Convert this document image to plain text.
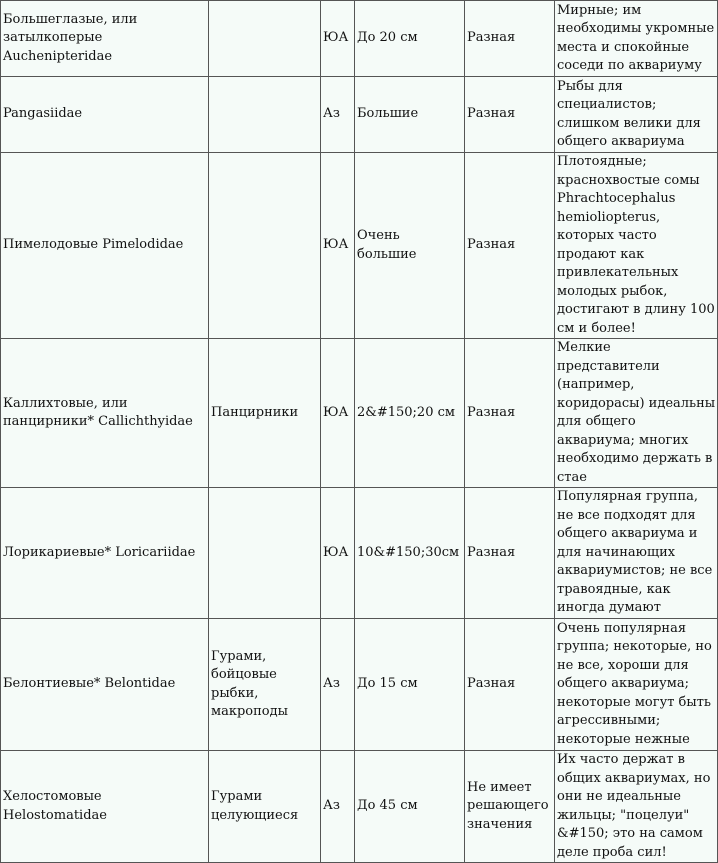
Большеглазые, или затылкоперые Auchenipteridae		ЮА	До 20 см	Разная	Мирные; им необходимы укромные места и спокойные соседи по аквариуму
Pangasiidae		Аз	Большие	Разная	Рыбы для специалистов; слишком велики для общего аквариума
Пимелодовые Pimelodidae		ЮА	Очень большие	Разная	Плотоядные; краснохвостые сомы Phrachtocephalus hemioliopterus, которых часто продают как привлекательных молодых рыбок, достигают в длину 100 см и более!
Каллихтовые, или панцирники* Callichthyidae	Панцирники	ЮА	2&#150;20 см	Разная	Мелкие представители (например, коридорасы) идеальны для общего аквариума; многих необходимо держать в стае
Лорикариевые* Loricariidae		ЮА	10&#150;30см	Разная	Популярная группа, не все подходят для общего аквариума и для начинающих аквариумистов; не все травоядные, как иногда думают
Белонтиевые* Belontidae	Гурами, бойцовые рыбки, макроподы	Аз	До 15 см	Разная	Очень популярная группа; некоторые, но не все, хороши для общего аквариума; некоторые могут быть агрессивными; некоторые нежные
Хелостомовые Helostomatidae	Гурами целующиеся	Аз	До 45 см	Не имеет решающего значения	Их часто держат в общих аквариумах, но они не идеальные жильцы; "поцелуи" &#150; это на самом деле проба сил!
